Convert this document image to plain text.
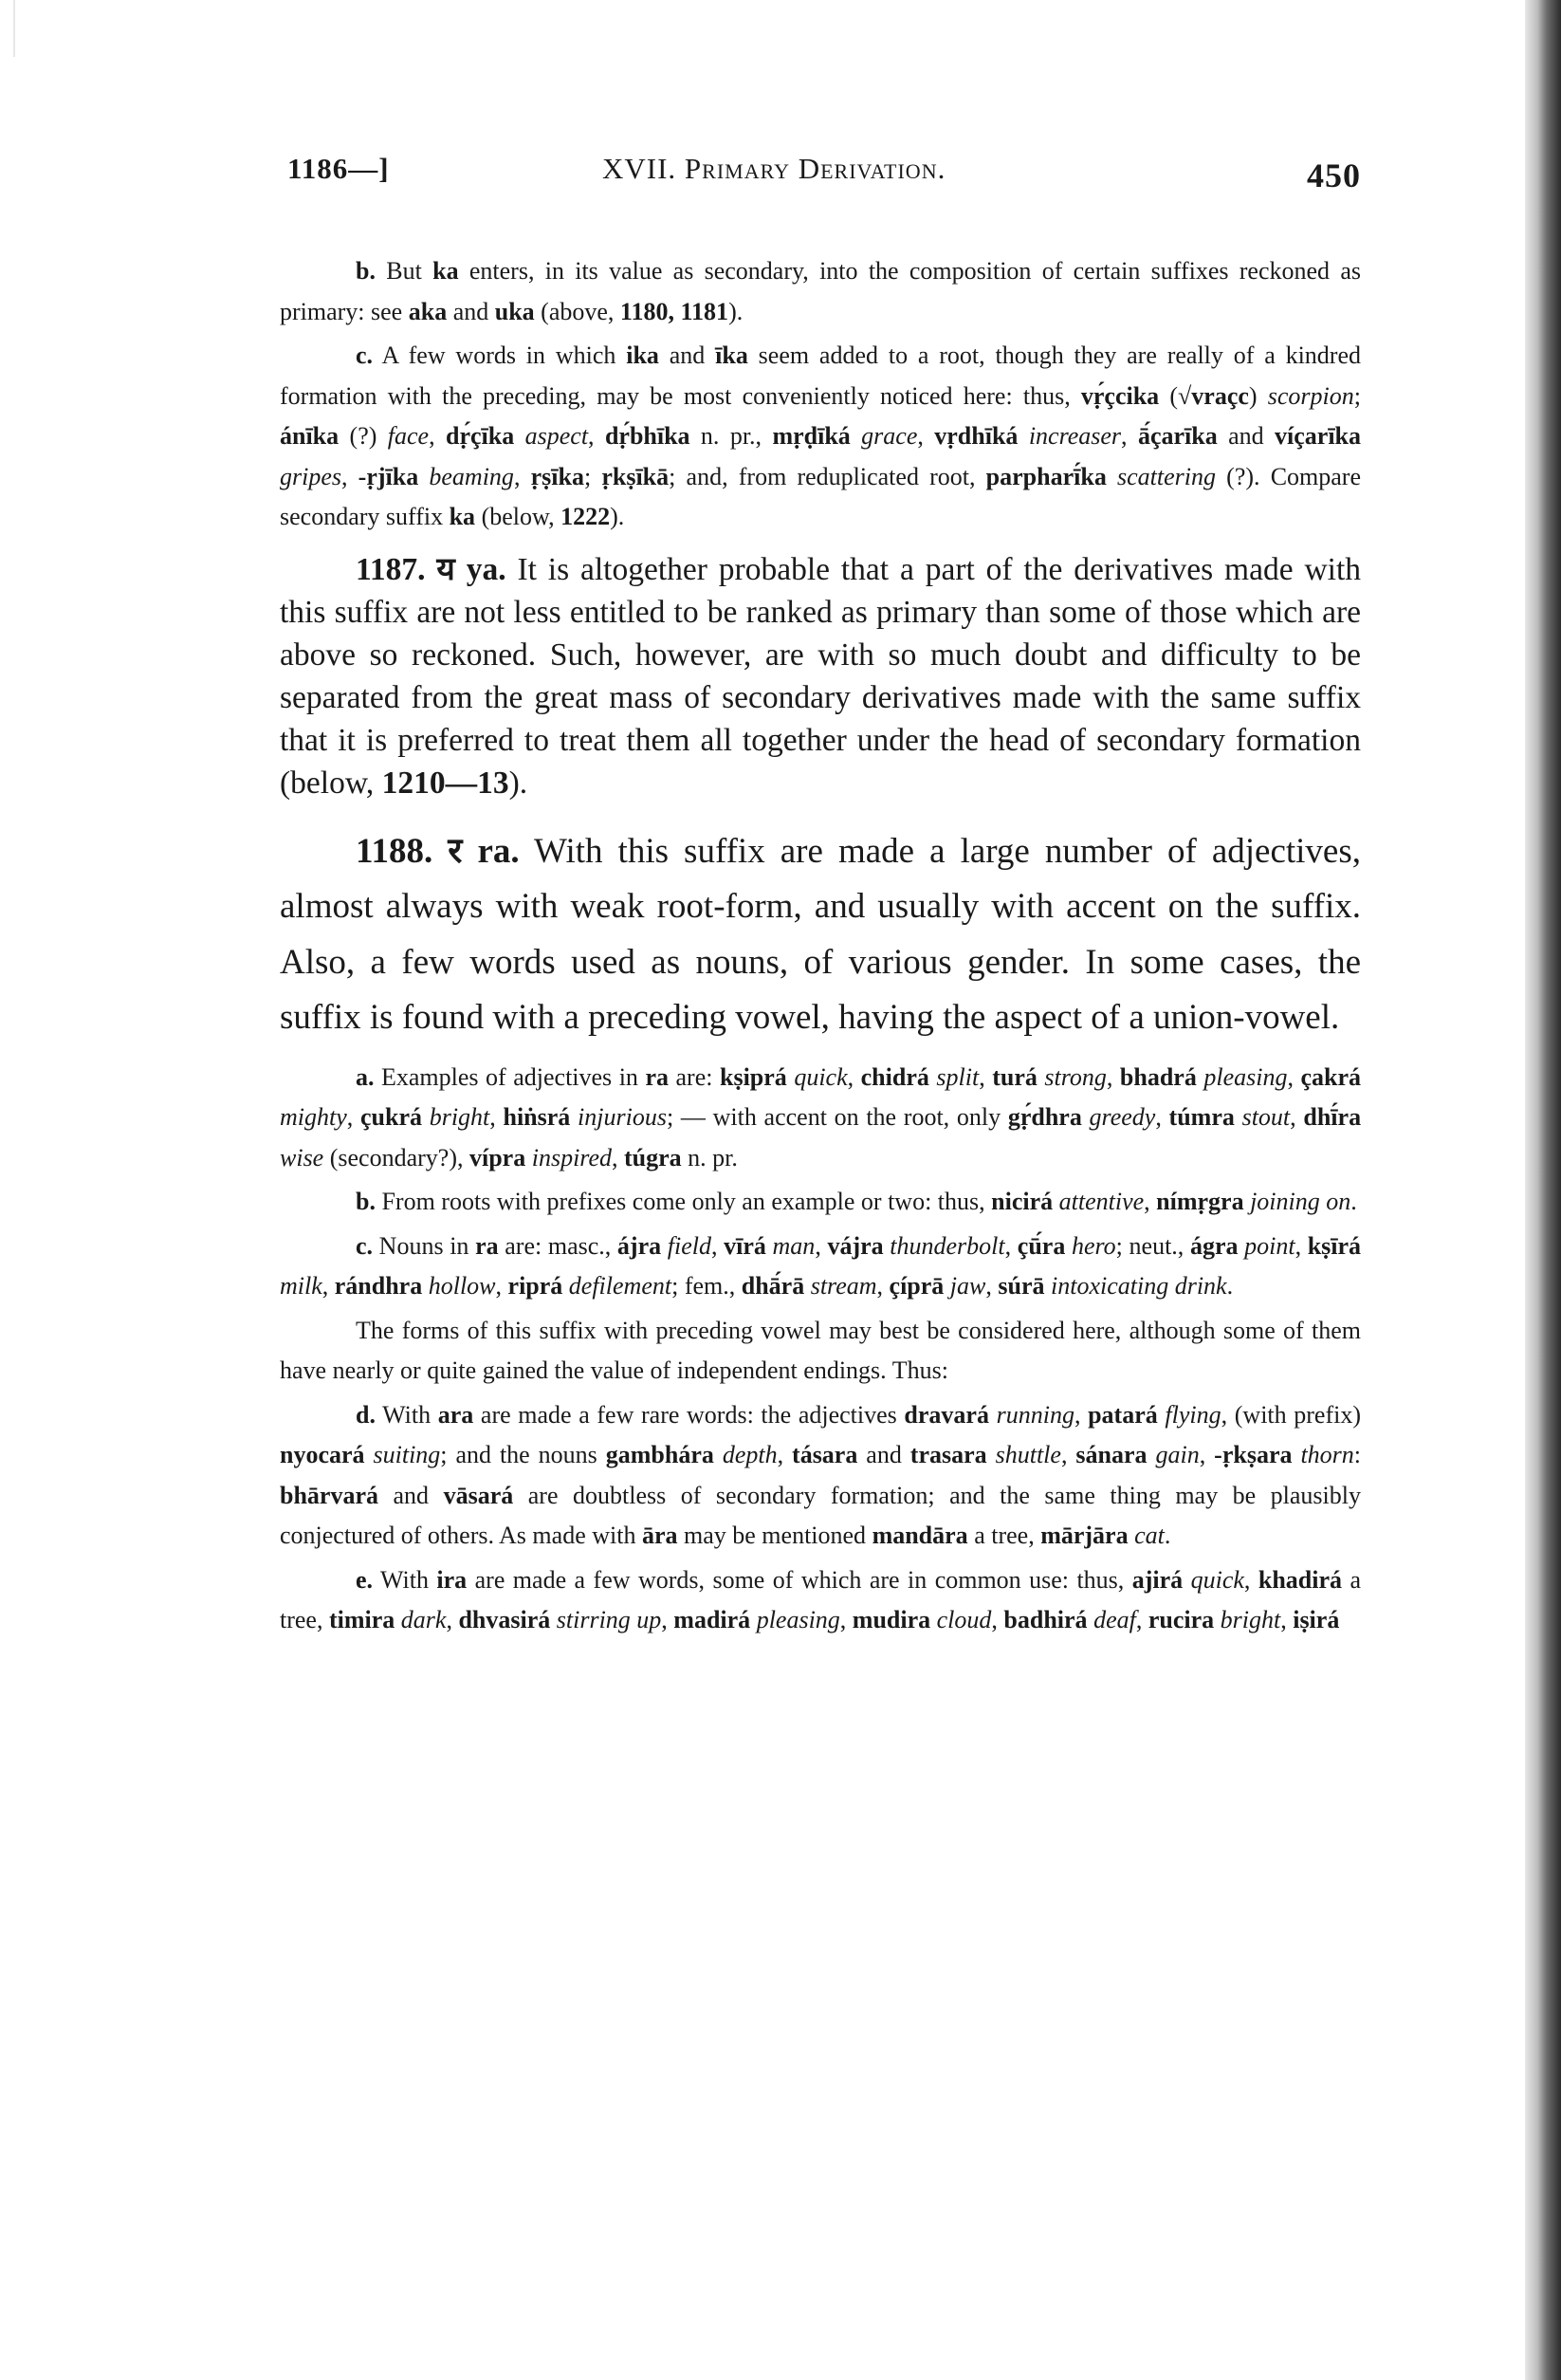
1186—]	XVII. Primary Derivation.	450

b. But ka enters, in its value as secondary, into the composition of certain suffixes reckoned as primary: see aka and uka (above, 1180, 1181).

c. A few words in which ika and īka seem added to a root, though they are really of a kindred formation with the preceding, may be most conveniently noticed here: thus, vṛ́çcika (√vraçc) scorpion; ánīka (?) face, dṛ́çīka aspect, dṛ́bhīka n. pr., mṛḍīká grace, vṛdhīká increaser, ā́çarīka and víçarīka gripes, -ṛjīka beaming, ṛṣīka; ṛkṣīkā; and, from reduplicated root, parpharī́ka scattering (?). Compare secondary suffix ka (below, 1222).

1187. य ya. It is altogether probable that a part of the derivatives made with this suffix are not less entitled to be ranked as primary than some of those which are above so reckoned. Such, however, are with so much doubt and difficulty to be separated from the great mass of secondary derivatives made with the same suffix that it is preferred to treat them all together under the head of secondary formation (below, 1210—13).

1188. र ra. With this suffix are made a large number of adjectives, almost always with weak root-form, and usually with accent on the suffix. Also, a few words used as nouns, of various gender. In some cases, the suffix is found with a preceding vowel, having the aspect of a union-vowel.

a. Examples of adjectives in ra are: kṣiprá quick, chidrá split, turá strong, bhadrá pleasing, çakrá mighty, çukrá bright, hiṅsrá injurious; — with accent on the root, only gṛ́dhra greedy, túmra stout, dhī́ra wise (secondary?), vípra inspired, túgra n. pr.

b. From roots with prefixes come only an example or two: thus, nicirá attentive, nímṛgra joining on.

c. Nouns in ra are: masc., ájra field, vīrá man, vájra thunderbolt, çū́ra hero; neut., ágra point, kṣīrá milk, rándhra hollow, riprá defilement; fem., dhā́rā stream, çíprā jaw, súrā intoxicating drink.

The forms of this suffix with preceding vowel may best be considered here, although some of them have nearly or quite gained the value of independent endings. Thus:

d. With ara are made a few rare words: the adjectives dravará running, patará flying, (with prefix) nyocará suiting; and the nouns gambhára depth, tásara and trasara shuttle, sánara gain, -ṛkṣara thorn: bhārvará and vāsará are doubtless of secondary formation; and the same thing may be plausibly conjectured of others. As made with āra may be mentioned mandāra a tree, mārjāra cat.

e. With ira are made a few words, some of which are in common use: thus, ajirá quick, khadirá a tree, timira dark, dhvasirá stirring up, madirá pleasing, mudira cloud, badhirá deaf, rucira bright, iṣirá
